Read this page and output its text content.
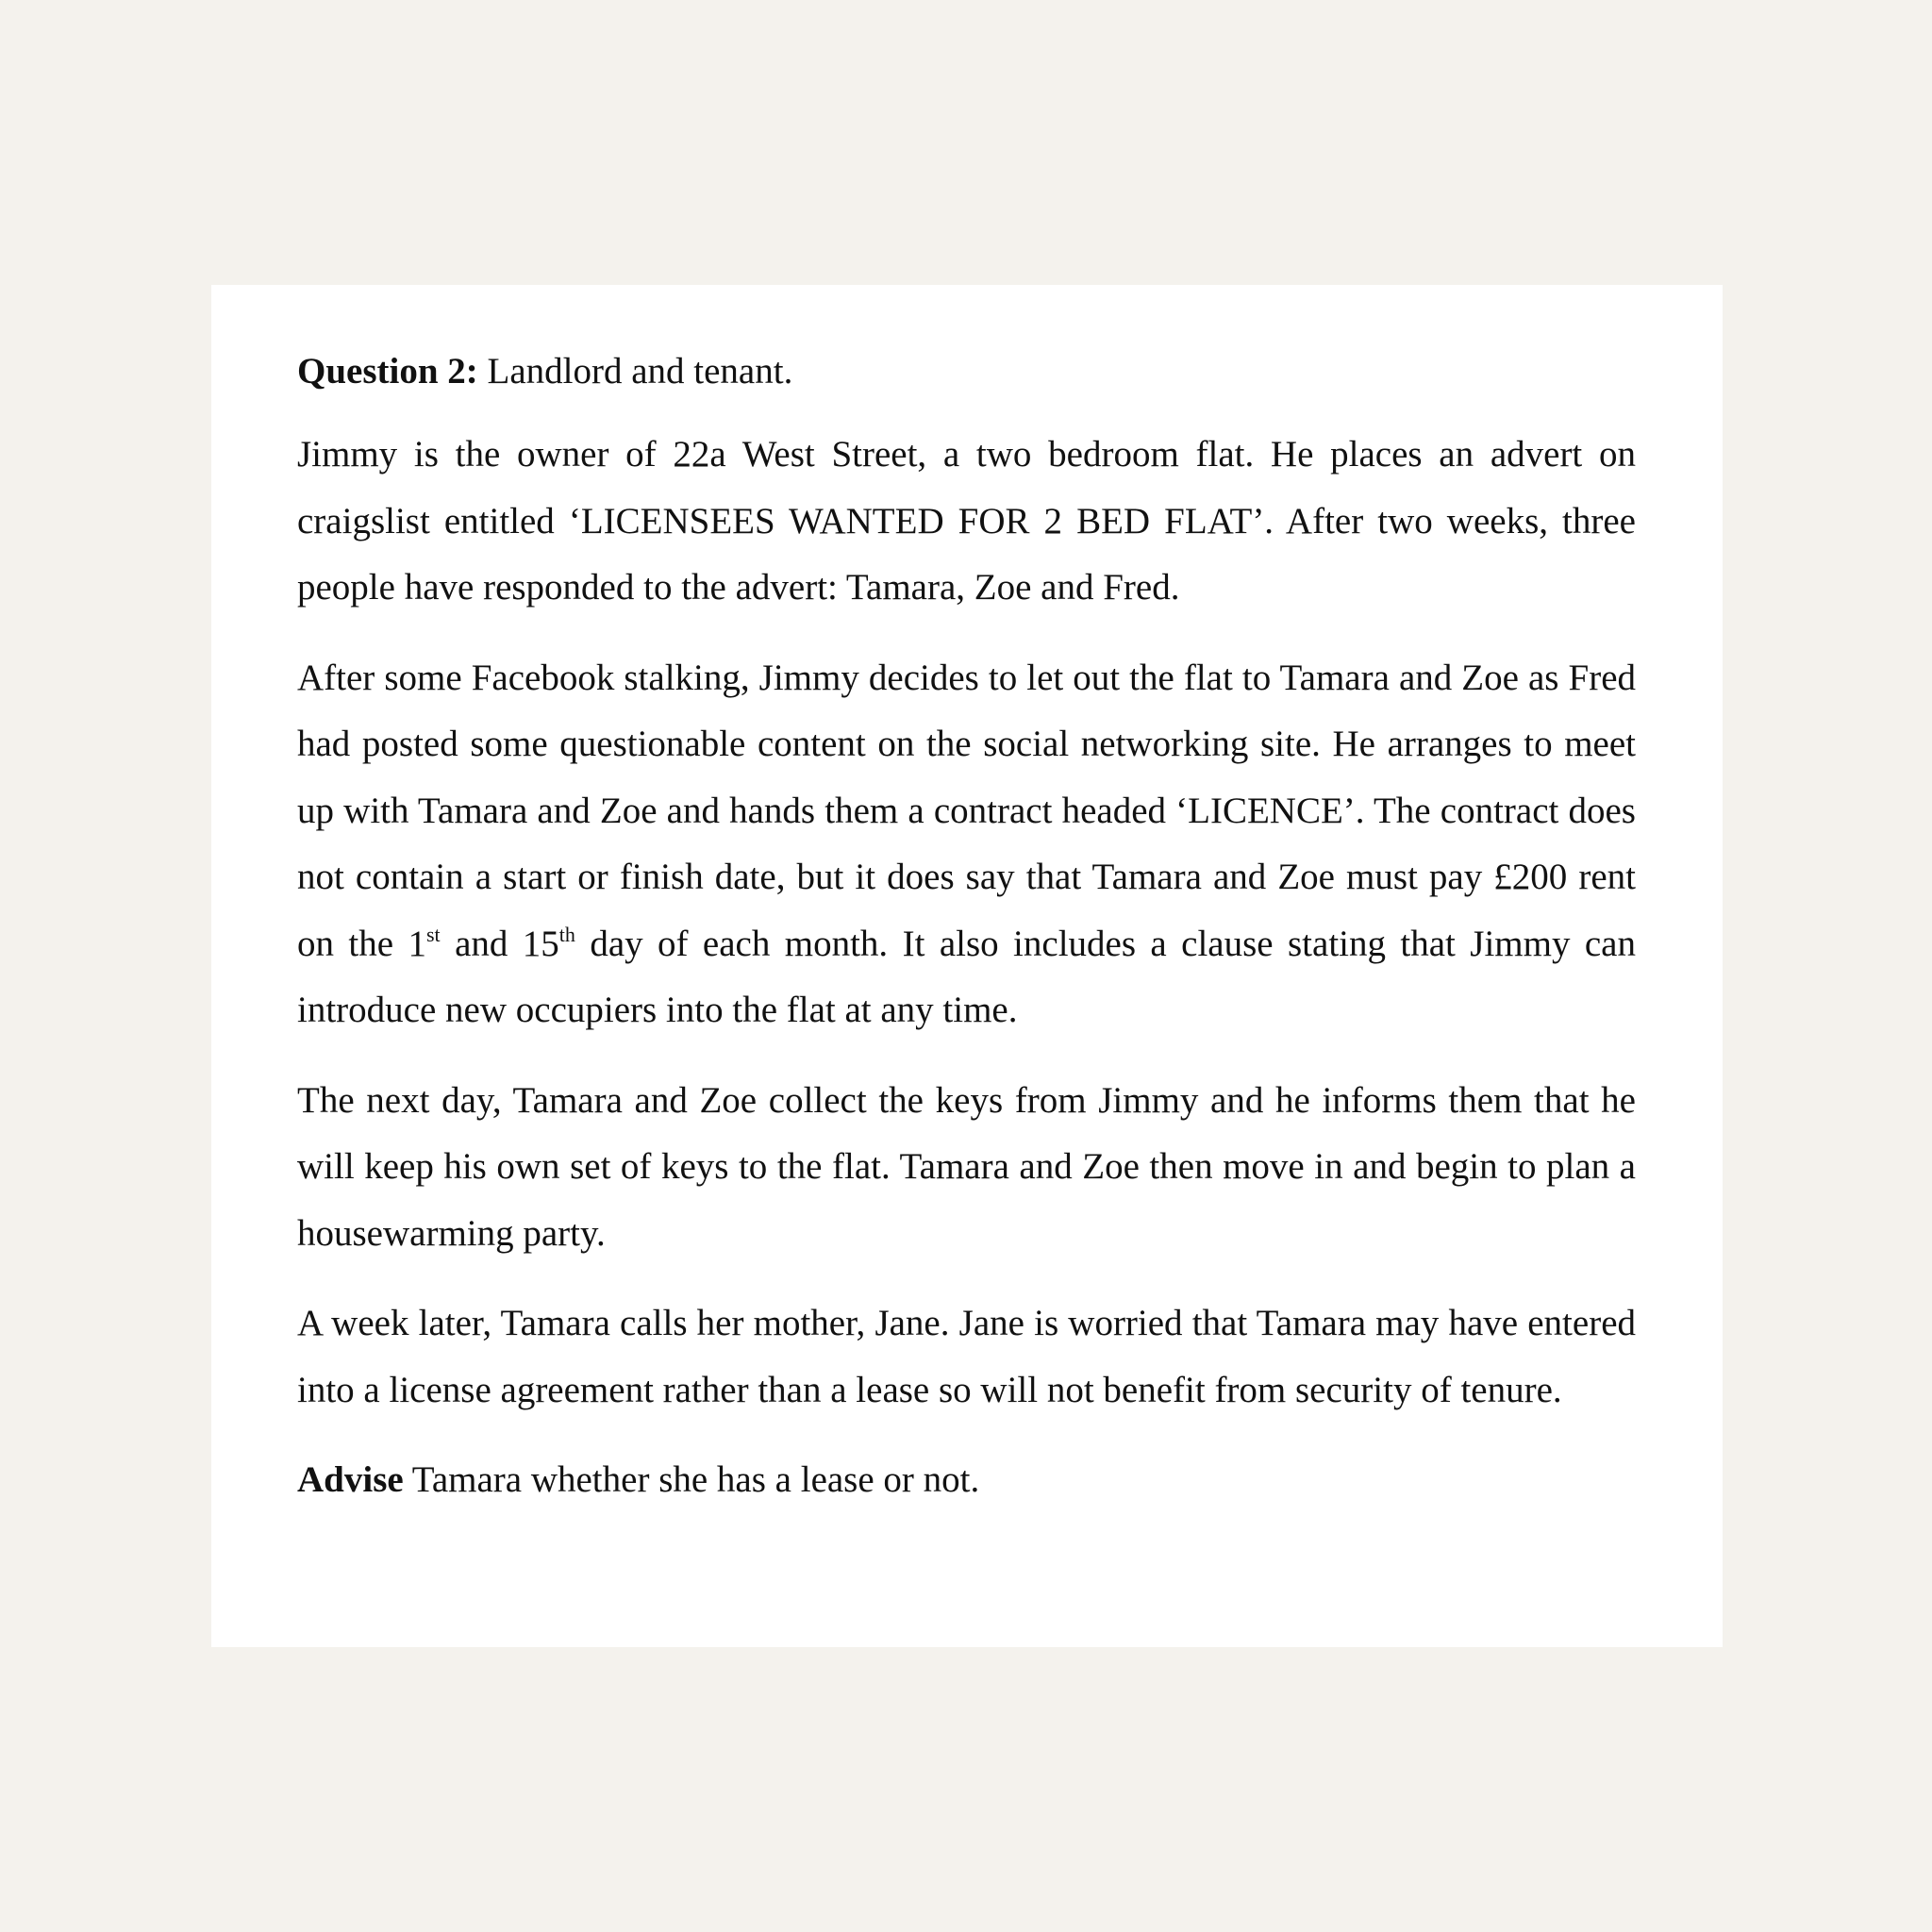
Question 2: Landlord and tenant.

Jimmy is the owner of 22a West Street, a two bedroom flat. He places an advert on craigslist entitled ‘LICENSEES WANTED FOR 2 BED FLAT’. After two weeks, three people have responded to the advert: Tamara, Zoe and Fred.

After some Facebook stalking, Jimmy decides to let out the flat to Tamara and Zoe as Fred had posted some questionable content on the social networking site. He arranges to meet up with Tamara and Zoe and hands them a contract headed ‘LICENCE’. The contract does not contain a start or finish date, but it does say that Tamara and Zoe must pay £200 rent on the 1st and 15th day of each month. It also includes a clause stating that Jimmy can introduce new occupiers into the flat at any time.

The next day, Tamara and Zoe collect the keys from Jimmy and he informs them that he will keep his own set of keys to the flat. Tamara and Zoe then move in and begin to plan a housewarming party.

A week later, Tamara calls her mother, Jane. Jane is worried that Tamara may have entered into a license agreement rather than a lease so will not benefit from security of tenure.

Advise Tamara whether she has a lease or not.
